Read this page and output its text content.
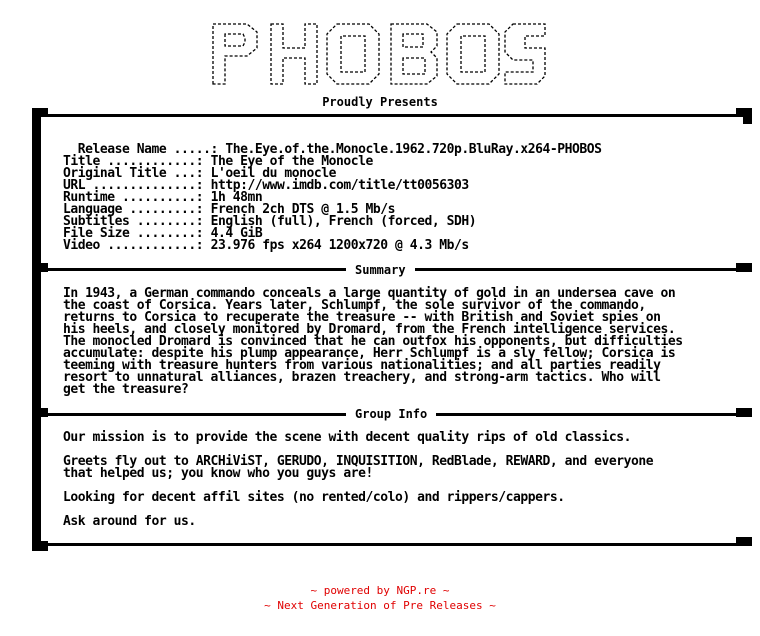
PHOBOS
Proudly Presents
Summary
Group Info

Release Name .....: The.Eye.of.the.Monocle.1962.720p.BluRay.x264-PHOBOS

Title ............: The Eye of the Monocle
Original Title ...: L'oeil du monocle
URL ..............: http://www.imdb.com/title/tt0056303
Runtime ..........: 1h 48mn
Language .........: French 2ch DTS @ 1.5 Mb/s
Subtitles ........: English (full), French (forced, SDH)
File Size ........: 4.4 GiB
Video ............: 23.976 fps x264 1200x720 @ 4.3 Mb/s
In 1943, a German commando conceals a large quantity of gold in an undersea cave on
the coast of Corsica. Years later, Schlumpf, the sole survivor of the commando,
returns to Corsica to recuperate the treasure -- with British and Soviet spies on
his heels, and closely monitored by Dromard, from the French intelligence services.
The monocled Dromard is convinced that he can outfox his opponents, but difficulties
accumulate: despite his plump appearance, Herr Schlumpf is a sly fellow; Corsica is
teeming with treasure hunters from various nationalities; and all parties readily
resort to unnatural alliances, brazen treachery, and strong-arm tactics. Who will
get the treasure?
Our mission is to provide the scene with decent quality rips of old classics.
Greets fly out to ARCHiViST, GERUDO, INQUISITION, RedBlade, REWARD, and everyone
that helped us; you know who you guys are!
Looking for decent affil sites (no rented/colo) and rippers/cappers.
Ask around for us.
~ powered by NGP.re ~
~ Next Generation of Pre Releases ~
